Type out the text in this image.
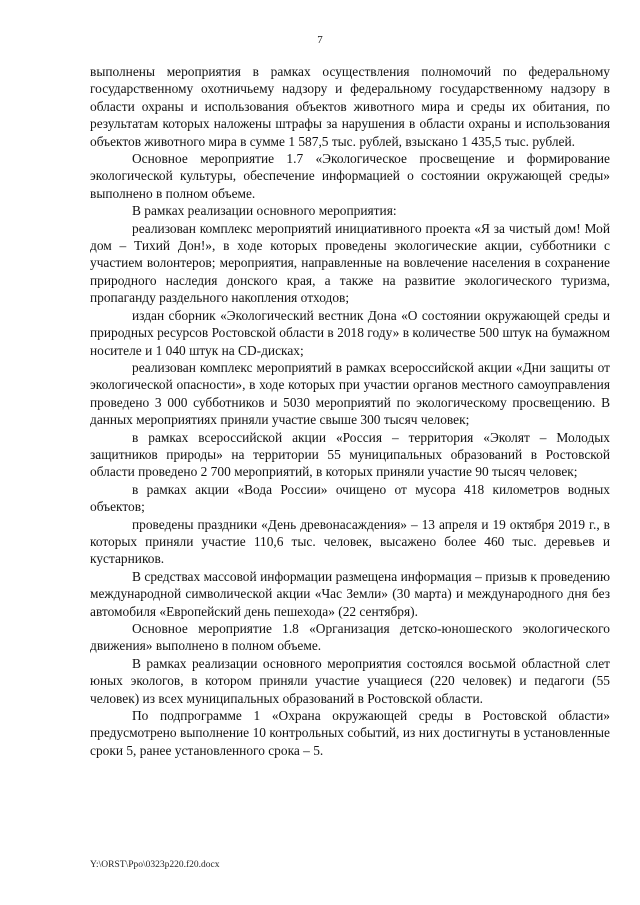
7

выполнены мероприятия в рамках осуществления полномочий по федеральному государственному охотничьему надзору и федеральному государственному надзору в области охраны и использования объектов животного мира и среды их обитания, по результатам которых наложены штрафы за нарушения в области охраны и использования объектов животного мира в сумме 1 587,5 тыс. рублей, взыскано 1 435,5 тыс. рублей.

Основное мероприятие 1.7 «Экологическое просвещение и формирование экологической культуры, обеспечение информацией о состоянии окружающей среды» выполнено в полном объеме.

В рамках реализации основного мероприятия:

реализован комплекс мероприятий инициативного проекта «Я за чистый дом! Мой дом – Тихий Дон!», в ходе которых проведены экологические акции, субботники с участием волонтеров; мероприятия, направленные на вовлечение населения в сохранение природного наследия донского края, а также на развитие экологического туризма, пропаганду раздельного накопления отходов;

издан сборник «Экологический вестник Дона «О состоянии окружающей среды и природных ресурсов Ростовской области в 2018 году» в количестве 500 штук на бумажном носителе и 1 040 штук на CD-дисках;

реализован комплекс мероприятий в рамках всероссийской акции «Дни защиты от экологической опасности», в ходе которых при участии органов местного самоуправления проведено 3 000 субботников и 5030 мероприятий по экологическому просвещению. В данных мероприятиях приняли участие свыше 300 тысяч человек;

в рамках всероссийской акции «Россия – территория «Эколят – Молодых защитников природы» на территории 55 муниципальных образований в Ростовской области проведено 2 700 мероприятий, в которых приняли участие 90 тысяч человек;

в рамках акции «Вода России» очищено от мусора 418 километров водных объектов;

проведены праздники «День древонасаждения» – 13 апреля и 19 октября 2019 г., в которых приняли участие 110,6 тыс. человек, высажено более 460 тыс. деревьев и кустарников.

В средствах массовой информации размещена информация – призыв к проведению международной символической акции «Час Земли» (30 марта) и международного дня без автомобиля «Европейский день пешехода» (22 сентября).

Основное мероприятие 1.8 «Организация детско-юношеского экологического движения» выполнено в полном объеме.

В рамках реализации основного мероприятия состоялся восьмой областной слет юных экологов, в котором приняли участие учащиеся (220 человек) и педагоги (55 человек) из всех муниципальных образований в Ростовской области.

По подпрограмме 1 «Охрана окружающей среды в Ростовской области» предусмотрено выполнение 10 контрольных событий, из них достигнуты в установленные сроки 5, ранее установленного срока – 5.

Y:\ORST\Ppo\0323p220.f20.docx
